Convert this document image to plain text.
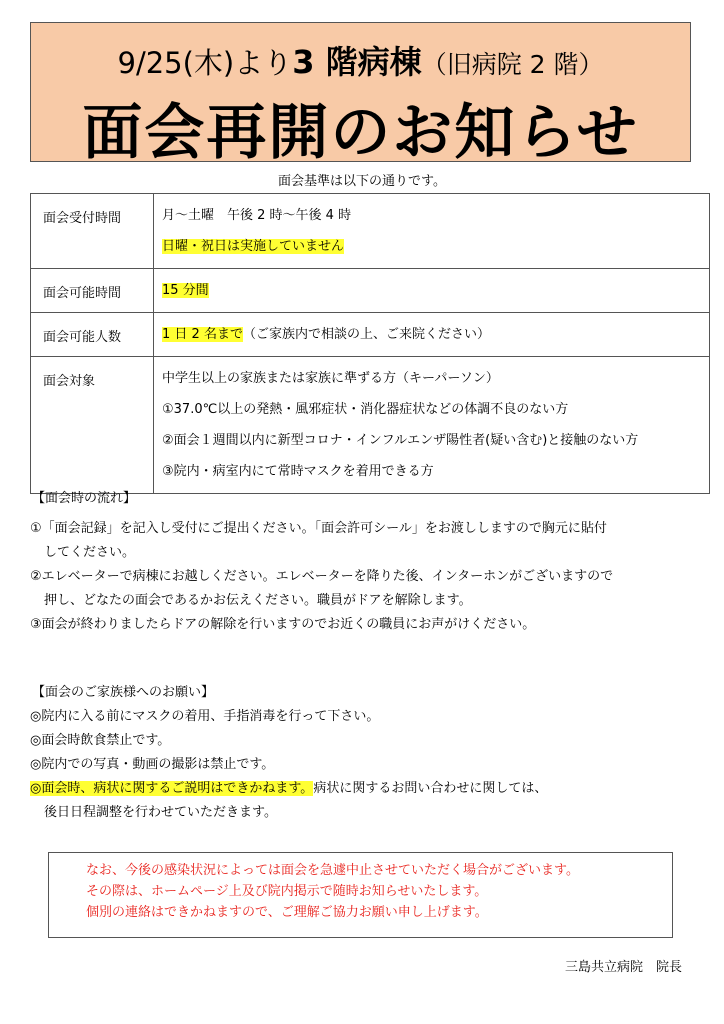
9/25(木)より3 階病棟（旧病院 2 階）
面会再開のお知らせ
面会基準は以下の通りです。
面会受付時間	月～土曜　午後 2 時～午後 4 時
日曜・祝日は実施していません

面会可能時間	15 分間

面会可能人数	1 日 2 名まで（ご家族内で相談の上、ご来院ください）

面会対象	中学生以上の家族または家族に準ずる方（キーパーソン）
①37.0℃以上の発熱・風邪症状・消化器症状などの体調不良のない方
②面会１週間以内に新型コロナ・インフルエンザ陽性者(疑い含む)と接触のない方
③院内・病室内にて常時マスクを着用できる方
【面会時の流れ】
①「面会記録」を記入し受付にご提出ください。「面会許可シール」をお渡ししますので胸元に貼付
してください。
②エレベーターで病棟にお越しください。エレベーターを降りた後、インターホンがございますので
押し、どなたの面会であるかお伝えください。職員がドアを解除します。
③面会が終わりましたらドアの解除を行いますのでお近くの職員にお声がけください。
【面会のご家族様へのお願い】
◎院内に入る前にマスクの着用、手指消毒を行って下さい。
◎面会時飲食禁止です。
◎院内での写真・動画の撮影は禁止です。
◎面会時、病状に関するご説明はできかねます。病状に関するお問い合わせに関しては、
後日日程調整を行わせていただきます。
なお、今後の感染状況によっては面会を急遽中止させていただく場合がございます。
その際は、ホームページ上及び院内掲示で随時お知らせいたします。
個別の連絡はできかねますので、ご理解ご協力お願い申し上げます。
三島共立病院　院長
